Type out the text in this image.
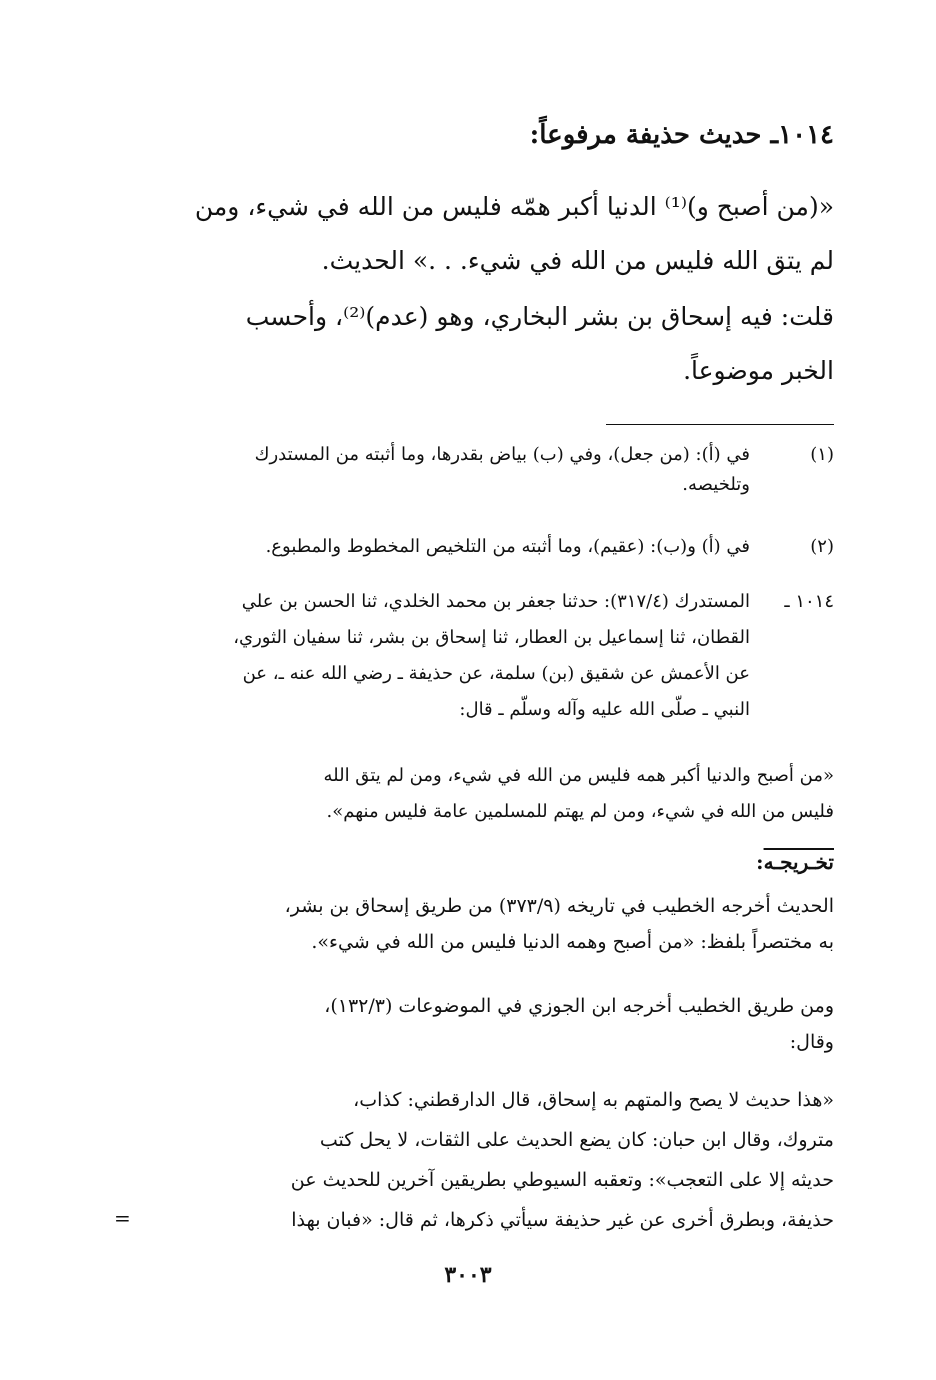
١٠١٤ـ حديث حذيفة مرفوعاً:
«(من أصبح و)⁽¹⁾ الدنيا أكبر همّه فليس من الله في شيء، ومن
لم يتق الله فليس من الله في شيء. . .» الحديث.
قلت: فيه إسحاق بن بشر البخاري، وهو (عدم)⁽²⁾، وأحسب
الخبر موضوعاً.
(١)
في (أ): (من جعل)، وفي (ب) بياض بقدرها، وما أثبته من المستدرك
وتلخيصه.
(٢)
في (أ) و(ب): (عقيم)، وما أثبته من التلخيص المخطوط والمطبوع.
١٠١٤ ـ
المستدرك (٣١٧/٤): حدثنا جعفر بن محمد الخلدي، ثنا الحسن بن علي
القطان، ثنا إسماعيل بن العطار، ثنا إسحاق بن بشر، ثنا سفيان الثوري،
عن الأعمش عن شقيق (بن) سلمة، عن حذيفة ـ رضي الله عنه ـ، عن
النبي ـ صلّى الله عليه وآله وسلّم ـ قال:
«من أصبح والدنيا أكبر همه فليس من الله في شيء، ومن لم يتق الله
فليس من الله في شيء، ومن لم يهتم للمسلمين عامة فليس منهم».
تخـريجـه:
الحديث أخرجه الخطيب في تاريخه (٣٧٣/٩) من طريق إسحاق بن بشر،
به مختصراً بلفظ: «من أصبح وهمه الدنيا فليس من الله في شيء».
ومن طريق الخطيب أخرجه ابن الجوزي في الموضوعات (١٣٢/٣)،
وقال:
«هذا حديث لا يصح والمتهم به إسحاق، قال الدارقطني: كذاب،
متروك، وقال ابن حبان: كان يضع الحديث على الثقات، لا يحل كتب
حديثه إلا على التعجب»: وتعقبه السيوطي بطريقين آخرين للحديث عن
حذيفة، وبطرق أخرى عن غير حذيفة سيأتي ذكرها، ثم قال: «فبان بهذا
=
٣٠٠٣
